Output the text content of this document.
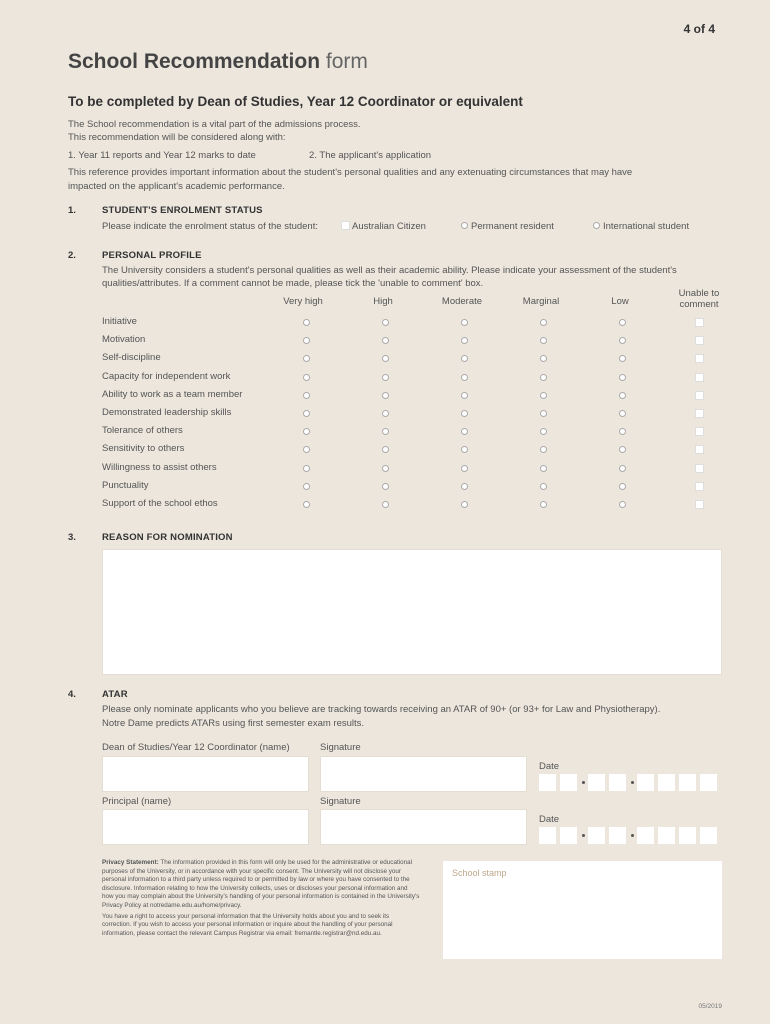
4 of 4
School Recommendation form
To be completed by Dean of Studies, Year 12 Coordinator or equivalent
The School recommendation is a vital part of the admissions process.
This recommendation will be considered along with:
1. Year 11 reports and Year 12 marks to date	2. The applicant's application
This reference provides important information about the student's personal qualities and any extenuating circumstances that may have
impacted on the applicant's academic performance.
1.	STUDENT'S ENROLMENT STATUS
Please indicate the enrolment status of the student:	Australian Citizen	Permanent resident	International student
2.	PERSONAL PROFILE
The University considers a student's personal qualities as well as their academic ability. Please indicate your assessment of the student's
qualities/attributes. If a comment cannot be made, please tick the 'unable to comment' box.
Very high	High	Moderate	Marginal	Low
Unable to
comment
Initiative
Motivation
Self-discipline
Capacity for independent work
Ability to work as a team member
Demonstrated leadership skills
Tolerance of others
Sensitivity to others
Willingness to assist others
Punctuality
Support of the school ethos
3.	REASON FOR NOMINATION
4.	ATAR
Please only nominate applicants who you believe are tracking towards receiving an ATAR of 90+ (or 93+ for Law and Physiotherapy).
Notre Dame predicts ATARs using first semester exam results.
Dean of Studies/Year 12 Coordinator (name)	Signature
Date
Principal (name)	Signature
Date
Privacy Statement: The information provided in this form will only be used for the administrative or educational purposes of the University, or in accordance with your specific consent. The University will not disclose your personal information to a third party unless required to or permitted by law or where you have consented to the disclosure. Information relating to how the University collects, uses or discloses your personal information and how you may complain about the University's handling of your personal information is contained in the University's Privacy Policy at notredame.edu.au/home/privacy.
You have a right to access your personal information that the University holds about you and to seek its correction. If you wish to access your personal information or inquire about the handling of your personal information, please contact the relevant Campus Registrar via email: fremantle.registrar@nd.edu.au.
School stamp
05/2019
